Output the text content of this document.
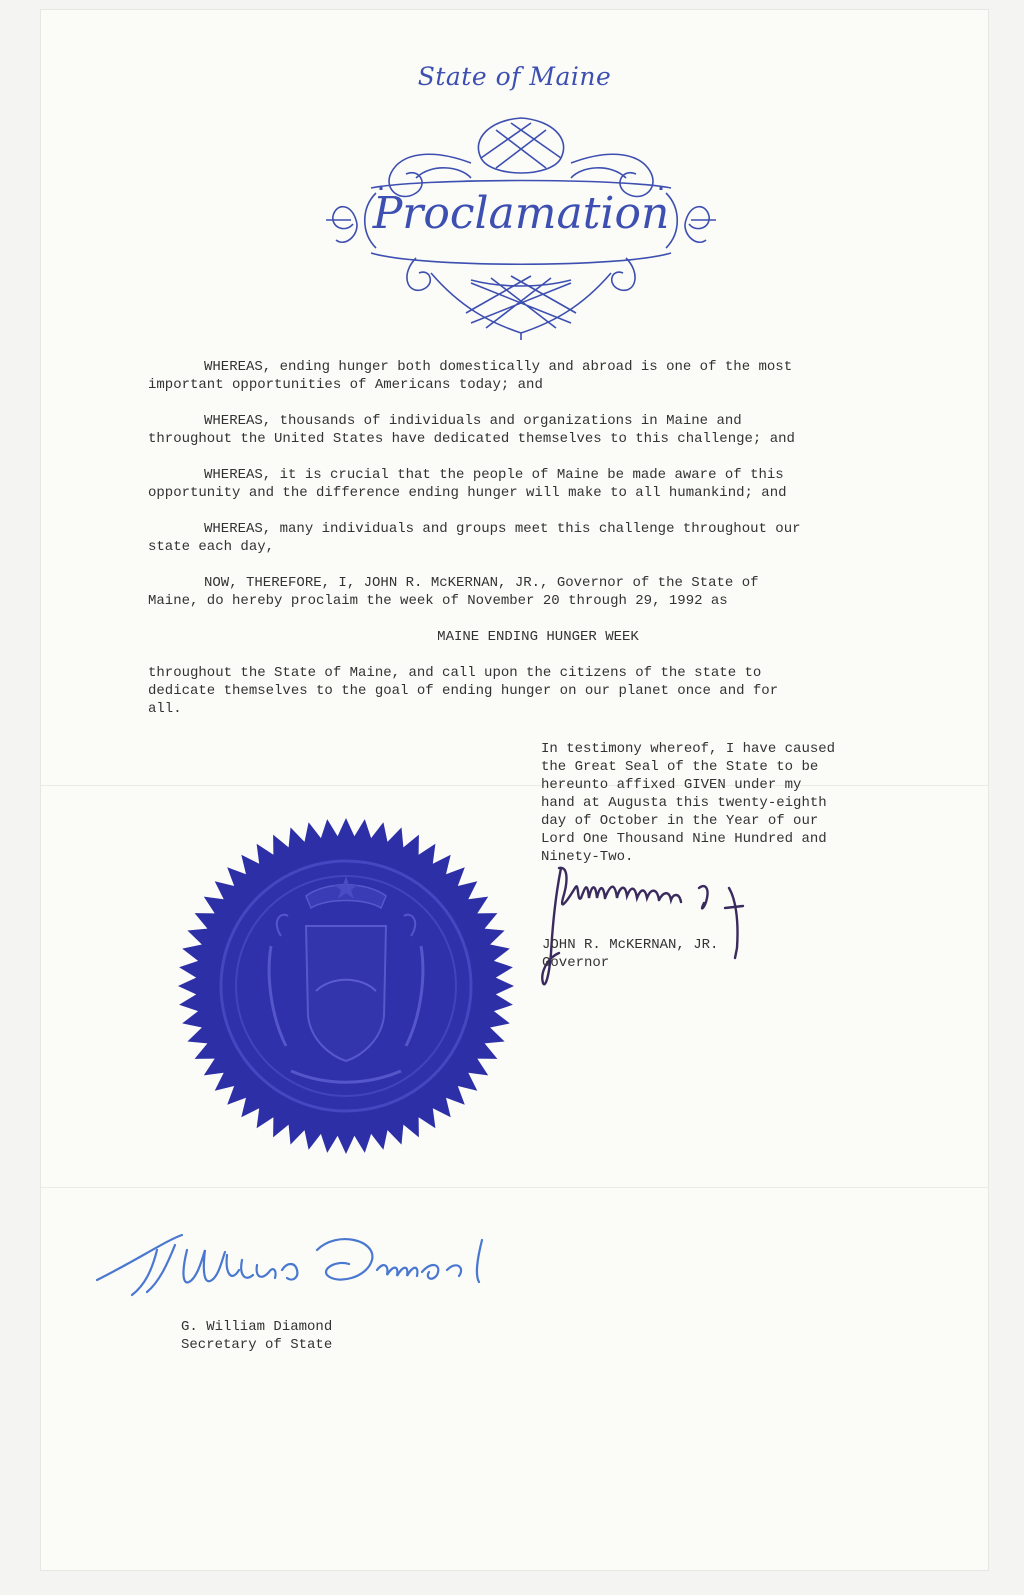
State of Maine
Proclamation
WHEREAS, ending hunger both domestically and abroad is one of the most
important opportunities of Americans today; and
WHEREAS, thousands of individuals and organizations in Maine and
throughout the United States have dedicated themselves to this challenge; and
WHEREAS, it is crucial that the people of Maine be made aware of this
opportunity and the difference ending hunger will make to all humankind; and
WHEREAS, many individuals and groups meet this challenge throughout our
state each day,
NOW, THEREFORE, I, JOHN R. McKERNAN, JR., Governor of the State of
Maine, do hereby proclaim the week of November 20 through 29, 1992 as
MAINE ENDING HUNGER WEEK
throughout the State of Maine, and call upon the citizens of the state to
dedicate themselves to the goal of ending hunger on our planet once and for
all.
In testimony whereof, I have caused
the Great Seal of the State to be
hereunto affixed GIVEN under my
hand at Augusta this twenty-eighth
day of October in the Year of our
Lord One Thousand Nine Hundred and
Ninety-Two.
JOHN R. McKERNAN, JR.
Governor
G. William Diamond
Secretary of State
